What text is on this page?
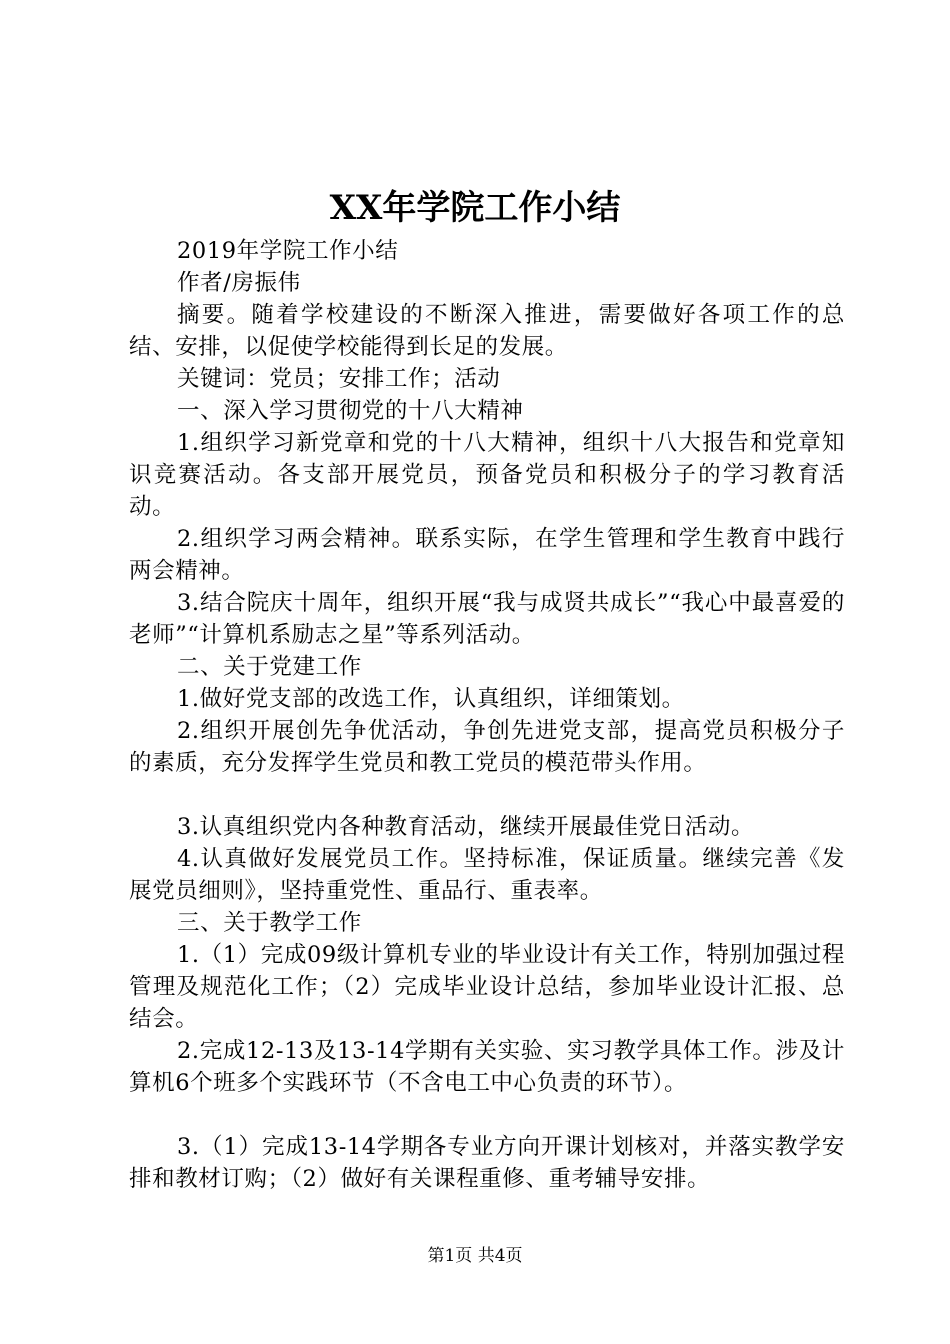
XX年学院工作小结

2019年学院工作小结

作者/房振伟

摘要。随着学校建设的不断深入推进，需要做好各项工作的总结、安排，以促使学校能得到长足的发展。

关键词：党员；安排工作；活动

一、深入学习贯彻党的十八大精神

1.组织学习新党章和党的十八大精神，组织十八大报告和党章知识竞赛活动。各支部开展党员，预备党员和积极分子的学习教育活动。

2.组织学习两会精神。联系实际，在学生管理和学生教育中践行两会精神。

3.结合院庆十周年，组织开展“我与成贤共成长”“我心中最喜爱的老师”“计算机系励志之星”等系列活动。

二、关于党建工作

1.做好党支部的改选工作，认真组织，详细策划。

2.组织开展创先争优活动，争创先进党支部，提高党员积极分子的素质，充分发挥学生党员和教工党员的模范带头作用。

3.认真组织党内各种教育活动，继续开展最佳党日活动。

4.认真做好发展党员工作。坚持标准，保证质量。继续完善《发展党员细则》，坚持重党性、重品行、重表率。

三、关于教学工作

1.（1）完成09级计算机专业的毕业设计有关工作，特别加强过程管理及规范化工作；（2）完成毕业设计总结，参加毕业设计汇报、总结会。

2.完成12-13及13-14学期有关实验、实习教学具体工作。涉及计算机6个班多个实践环节（不含电工中心负责的环节）。

3.（1）完成13-14学期各专业方向开课计划核对，并落实教学安排和教材订购；（2）做好有关课程重修、重考辅导安排。

第1页 共4页
